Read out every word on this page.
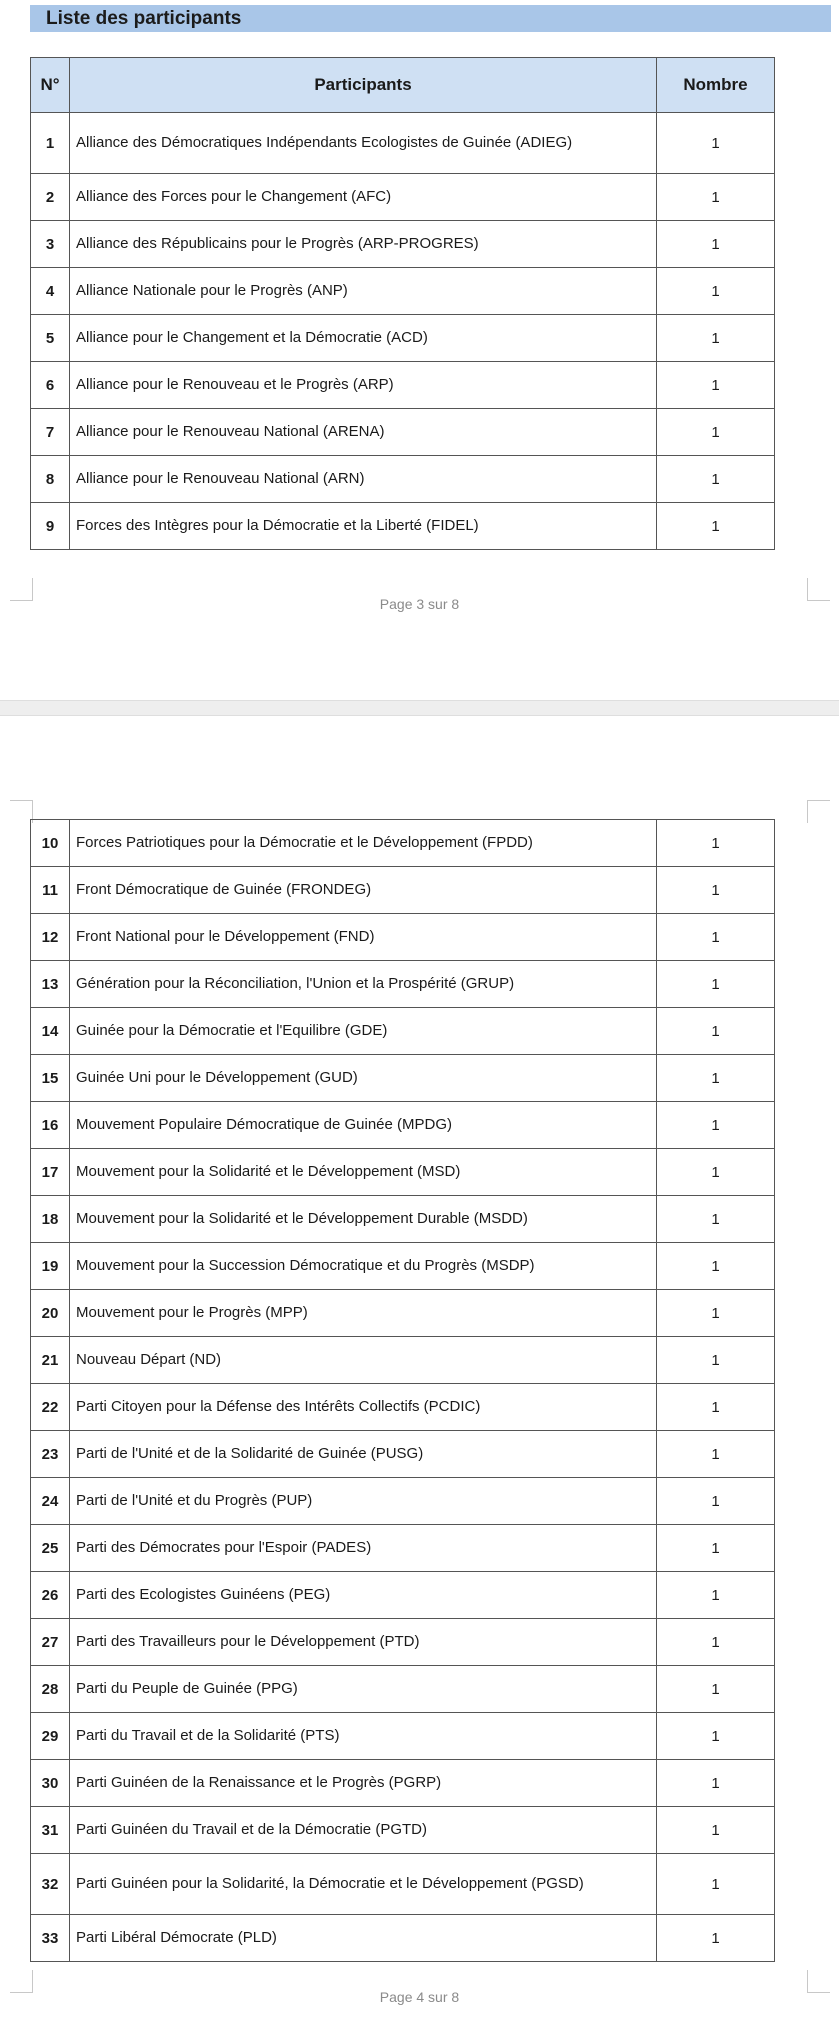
Liste des participants
N°	Participants	Nombre
1	Alliance des Démocratiques Indépendants Ecologistes de Guinée (ADIEG)	1
2	Alliance des Forces pour le Changement (AFC)	1
3	Alliance des Républicains pour le Progrès (ARP-PROGRES)	1
4	Alliance Nationale pour le Progrès (ANP)	1
5	Alliance pour le Changement et la Démocratie (ACD)	1
6	Alliance pour le Renouveau et le Progrès (ARP)	1
7	Alliance pour le Renouveau National (ARENA)	1
8	Alliance pour le Renouveau National (ARN)	1
9	Forces des Intègres pour la Démocratie et la Liberté (FIDEL)	1
Page 3 sur 8
10	Forces Patriotiques pour la Démocratie et le Développement (FPDD)	1
11	Front Démocratique de Guinée (FRONDEG)	1
12	Front National pour le Développement (FND)	1
13	Génération pour la Réconciliation, l'Union et la Prospérité (GRUP)	1
14	Guinée pour la Démocratie et l'Equilibre (GDE)	1
15	Guinée Uni pour le Développement (GUD)	1
16	Mouvement Populaire Démocratique de Guinée (MPDG)	1
17	Mouvement pour la Solidarité et le Développement (MSD)	1
18	Mouvement pour la Solidarité et le Développement Durable (MSDD)	1
19	Mouvement pour la Succession Démocratique et du Progrès (MSDP)	1
20	Mouvement pour le Progrès (MPP)	1
21	Nouveau Départ (ND)	1
22	Parti Citoyen pour la Défense des Intérêts Collectifs (PCDIC)	1
23	Parti de l'Unité et de la Solidarité de Guinée (PUSG)	1
24	Parti de l'Unité et du Progrès (PUP)	1
25	Parti des Démocrates pour l'Espoir (PADES)	1
26	Parti des Ecologistes Guinéens (PEG)	1
27	Parti des Travailleurs pour le Développement (PTD)	1
28	Parti du Peuple de Guinée (PPG)	1
29	Parti du Travail et de la Solidarité (PTS)	1
30	Parti Guinéen de la Renaissance et le Progrès (PGRP)	1
31	Parti Guinéen du Travail et de la Démocratie (PGTD)	1
32	Parti Guinéen pour la Solidarité, la Démocratie et le Développement (PGSD)	1
33	Parti Libéral Démocrate (PLD)	1
Page 4 sur 8
